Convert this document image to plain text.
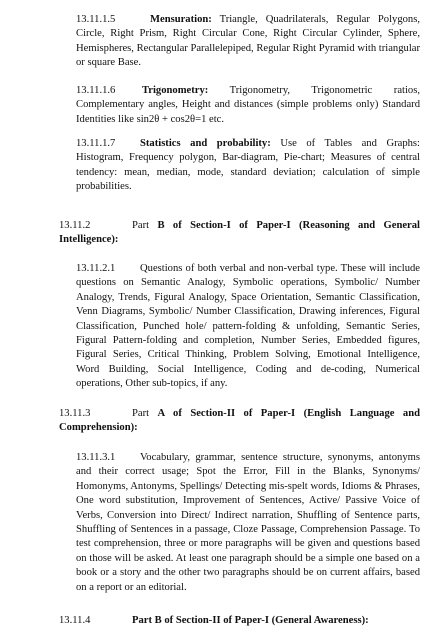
13.11.1.5	Mensuration: Triangle, Quadrilaterals, Regular Polygons, Circle, Right Prism, Right Circular Cone, Right Circular Cylinder, Sphere, Hemispheres, Rectangular Parallelepiped, Regular Right Pyramid with triangular or square Base.
13.11.1.6	Trigonometry: Trigonometry, Trigonometric ratios, Complementary angles, Height and distances (simple problems only) Standard Identities like sin2θ + cos2θ=1 etc.
13.11.1.7 Statistics and probability: Use of Tables and Graphs: Histogram, Frequency polygon, Bar-diagram, Pie-chart; Measures of central tendency: mean, median, mode, standard deviation; calculation of simple probabilities.
13.11.2	Part B of Section-I of Paper-I (Reasoning and General Intelligence):
13.11.2.1 Questions of both verbal and non-verbal type. These will include questions on Semantic Analogy, Symbolic operations, Symbolic/ Number Analogy, Trends, Figural Analogy, Space Orientation, Semantic Classification, Venn Diagrams, Symbolic/ Number Classification, Drawing inferences, Figural Classification, Punched hole/ pattern-folding & unfolding, Semantic Series, Figural Pattern-folding and completion, Number Series, Embedded figures, Figural Series, Critical Thinking, Problem Solving, Emotional Intelligence, Word Building, Social Intelligence, Coding and de-coding, Numerical operations, Other sub-topics, if any.
13.11.3	Part A of Section-II of Paper-I (English Language and Comprehension):
13.11.3.1 Vocabulary, grammar, sentence structure, synonyms, antonyms and their correct usage; Spot the Error, Fill in the Blanks, Synonyms/ Homonyms, Antonyms, Spellings/ Detecting mis-spelt words, Idioms & Phrases, One word substitution, Improvement of Sentences, Active/ Passive Voice of Verbs, Conversion into Direct/ Indirect narration, Shuffling of Sentence parts, Shuffling of Sentences in a passage, Cloze Passage, Comprehension Passage. To test comprehension, three or more paragraphs will be given and questions based on those will be asked. At least one paragraph should be a simple one based on a book or a story and the other two paragraphs should be on current affairs, based on a report or an editorial.
13.11.4	Part B of Section-II of Paper-I (General Awareness):
